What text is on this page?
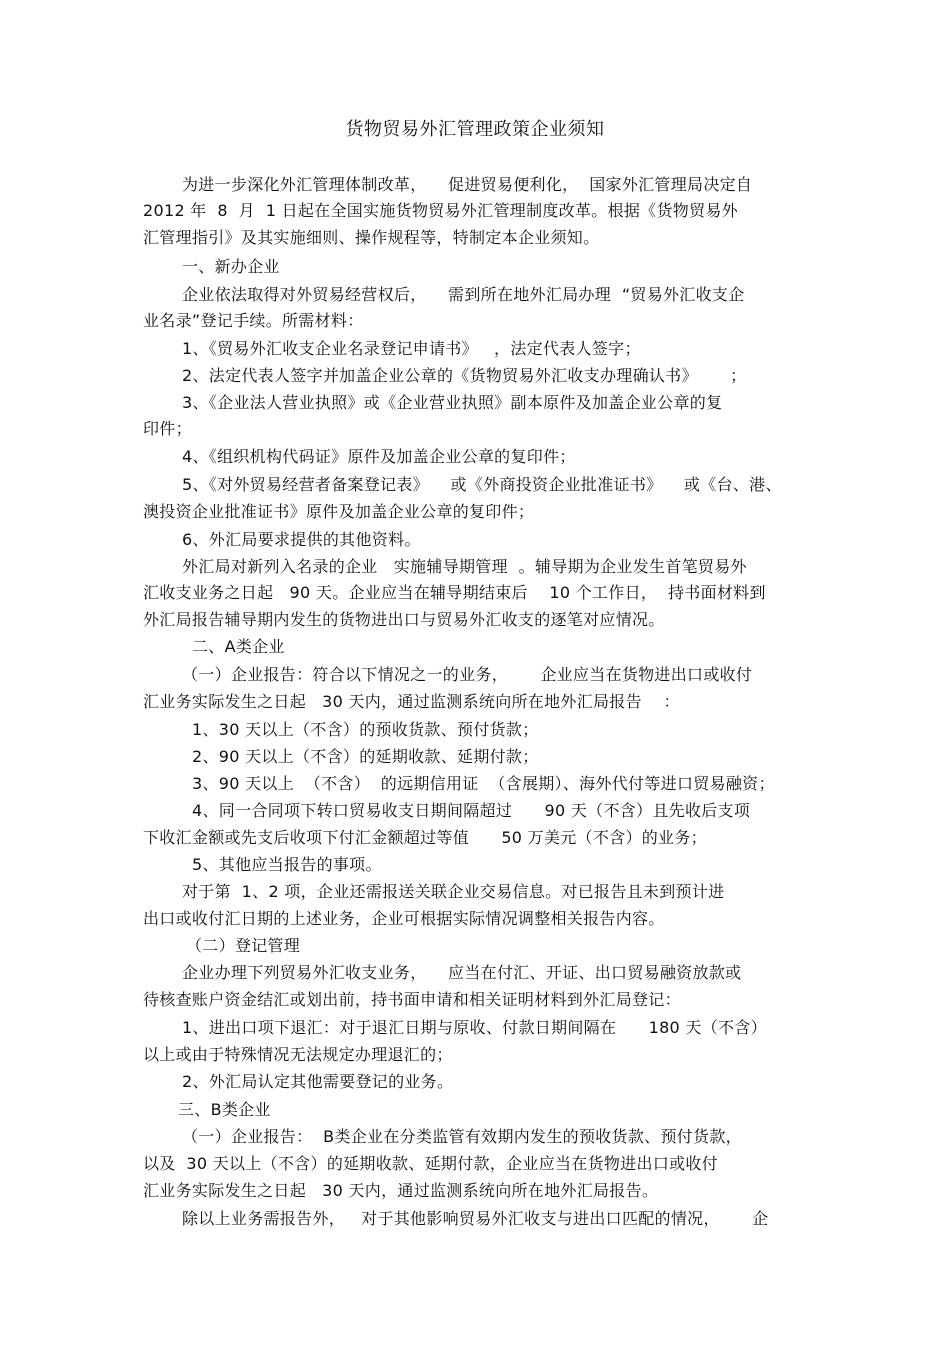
货物贸易外汇管理政策企业须知
为进一步深化外汇管理体制改革，    促进贸易便利化，  国家外汇管理局决定自
2012 年  8  月  1 日起在全国实施货物贸易外汇管理制度改革。根据《货物贸易外
汇管理指引》及其实施细则、操作规程等，特制定本企业须知。
一、新办企业
企业依法取得对外贸易经营权后，    需到所在地外汇局办理  “贸易外汇收支企
业名录”登记手续。所需材料：
1、《贸易外汇收支企业名录登记申请书》   ，法定代表人签字；
2、法定代表人签字并加盖企业公章的《货物贸易外汇收支办理确认书》      ；
3、《企业法人营业执照》或《企业营业执照》副本原件及加盖企业公章的复
印件；
4、《组织机构代码证》原件及加盖企业公章的复印件；
5、《对外贸易经营者备案登记表》    或《外商投资企业批准证书》    或《台、港、
澳投资企业批准证书》原件及加盖企业公章的复印件；
6、外汇局要求提供的其他资料。
外汇局对新列入名录的企业   实施辅导期管理  。辅导期为企业发生首笔贸易外
汇收支业务之日起   90 天。企业应当在辅导期结束后    10 个工作日，  持书面材料到
外汇局报告辅导期内发生的货物进出口与贸易外汇收支的逐笔对应情况。
二、A类企业
（一）企业报告：符合以下情况之一的业务，      企业应当在货物进出口或收付
汇业务实际发生之日起   30 天内，通过监测系统向所在地外汇局报告    ：
1、30 天以上（不含）的预收货款、预付货款；
2、90 天以上（不含）的延期收款、延期付款；
3、90 天以上  （不含）  的远期信用证  （含展期）、海外代付等进口贸易融资；
4、同一合同项下转口贸易收支日期间隔超过      90 天（不含）且先收后支项
下收汇金额或先支后收项下付汇金额超过等值      50 万美元（不含）的业务；
5、其他应当报告的事项。
对于第  1、2 项，企业还需报送关联企业交易信息。对已报告且未到预计进
出口或收付汇日期的上述业务，企业可根据实际情况调整相关报告内容。
（二）登记管理
企业办理下列贸易外汇收支业务，    应当在付汇、开证、出口贸易融资放款或
待核查账户资金结汇或划出前，持书面申请和相关证明材料到外汇局登记：
1、进出口项下退汇：对于退汇日期与原收、付款日期间隔在      180 天（不含）
以上或由于特殊情况无法规定办理退汇的；
2、外汇局认定其他需要登记的业务。
三、B类企业
（一）企业报告：  B类企业在分类监管有效期内发生的预收货款、预付货款，
以及  30 天以上（不含）的延期收款、延期付款，企业应当在货物进出口或收付
汇业务实际发生之日起   30 天内，通过监测系统向所在地外汇局报告。
除以上业务需报告外，   对于其他影响贸易外汇收支与进出口匹配的情况，      企
